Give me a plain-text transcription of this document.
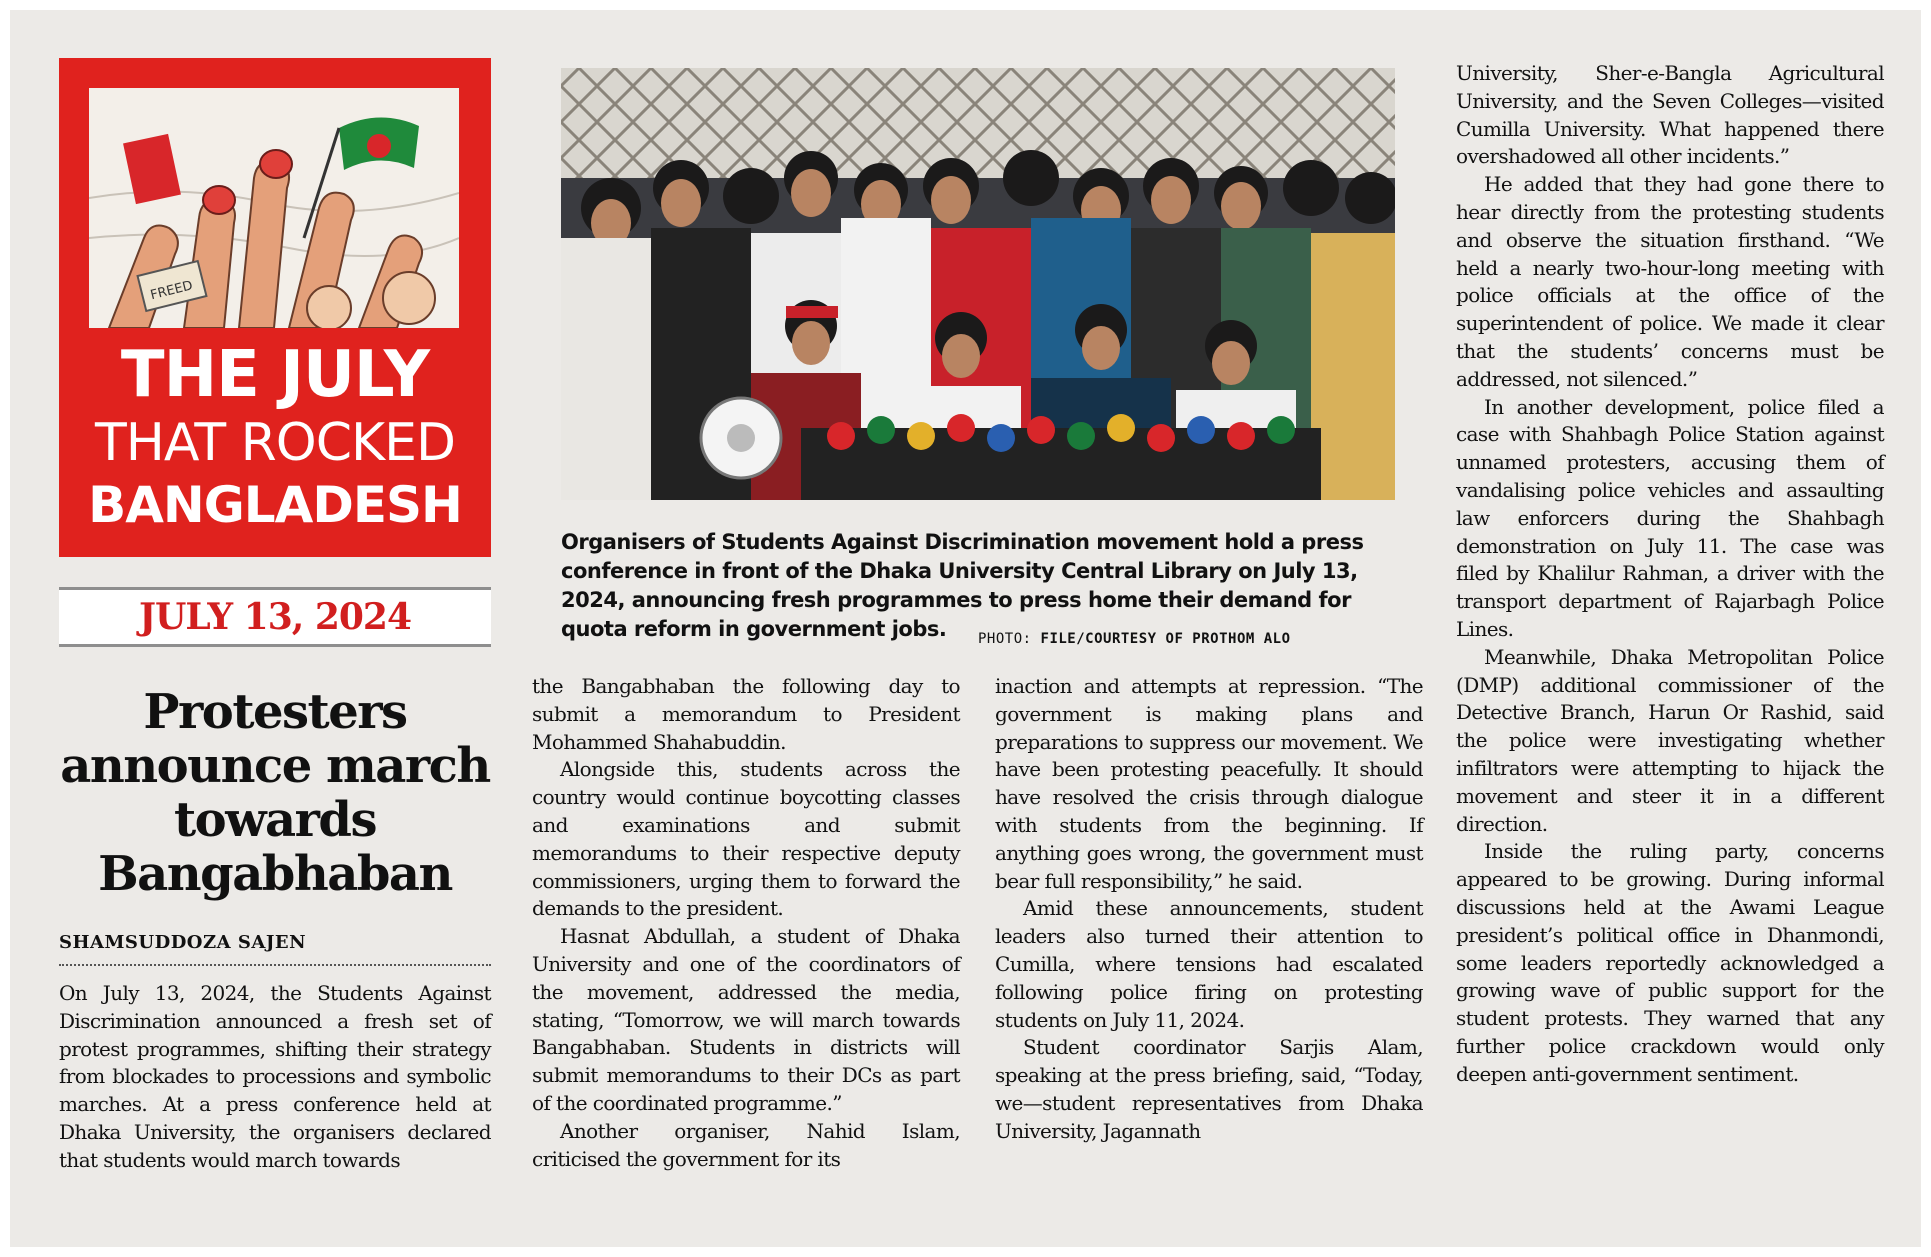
FREED
THE JULY
THAT ROCKED
BANGLADESH
JULY 13, 2024
Protesters announce march towards Bangabhaban
SHAMSUDDOZA SAJEN
Organisers of Students Against Discrimination movement hold a press conference in front of the Dhaka University Central Library on July 13, 2024, announcing fresh programmes to press home their demand for quota reform in government jobs.	PHOTO: FILE/COURTESY OF PROTHOM ALO

On July 13, 2024, the Students Against Discrimination announced a fresh set of protest programmes, shifting their strategy from blockades to processions and symbolic marches. At a press conference held at Dhaka University, the organisers declared that students would march towards

the Bangabhaban the following day to submit a memorandum to President Mohammed Shahabuddin.

Alongside this, students across the country would continue boycotting classes and examinations and submit memorandums to their respective deputy commissioners, urging them to forward the demands to the president.

Hasnat Abdullah, a student of Dhaka University and one of the coordinators of the movement, addressed the media, stating, “Tomorrow, we will march towards Bangabhaban. Students in districts will submit memorandums to their DCs as part of the coordinated programme.”

Another organiser, Nahid Islam, criticised the government for its

inaction and attempts at repression. “The government is making plans and preparations to suppress our movement. We have been protesting peacefully. It should have resolved the crisis through dialogue with students from the beginning. If anything goes wrong, the government must bear full responsibility,” he said.

Amid these announcements, student leaders also turned their attention to Cumilla, where tensions had escalated following police firing on protesting students on July 11, 2024.

Student coordinator Sarjis Alam, speaking at the press briefing, said, “Today, we—student representatives from Dhaka University, Jagannath

University, Sher-e-Bangla Agricultural University, and the Seven Colleges—visited Cumilla University. What happened there overshadowed all other incidents.”

He added that they had gone there to hear directly from the protesting students and observe the situation firsthand. “We held a nearly two-hour-long meeting with police officials at the office of the superintendent of police. We made it clear that the students’ concerns must be addressed, not silenced.”

In another development, police filed a case with Shahbagh Police Station against unnamed protesters, accusing them of vandalising police vehicles and assaulting law enforcers during the Shahbagh demonstration on July 11. The case was filed by Khalilur Rahman, a driver with the transport department of Rajarbagh Police Lines.

Meanwhile, Dhaka Metropolitan Police (DMP) additional commissioner of the Detective Branch, Harun Or Rashid, said the police were investigating whether infiltrators were attempting to hijack the movement and steer it in a different direction.

Inside the ruling party, concerns appeared to be growing. During informal discussions held at the Awami League president’s political office in Dhanmondi, some leaders reportedly acknowledged a growing wave of public support for the student protests. They warned that any further police crackdown would only deepen anti-government sentiment.
